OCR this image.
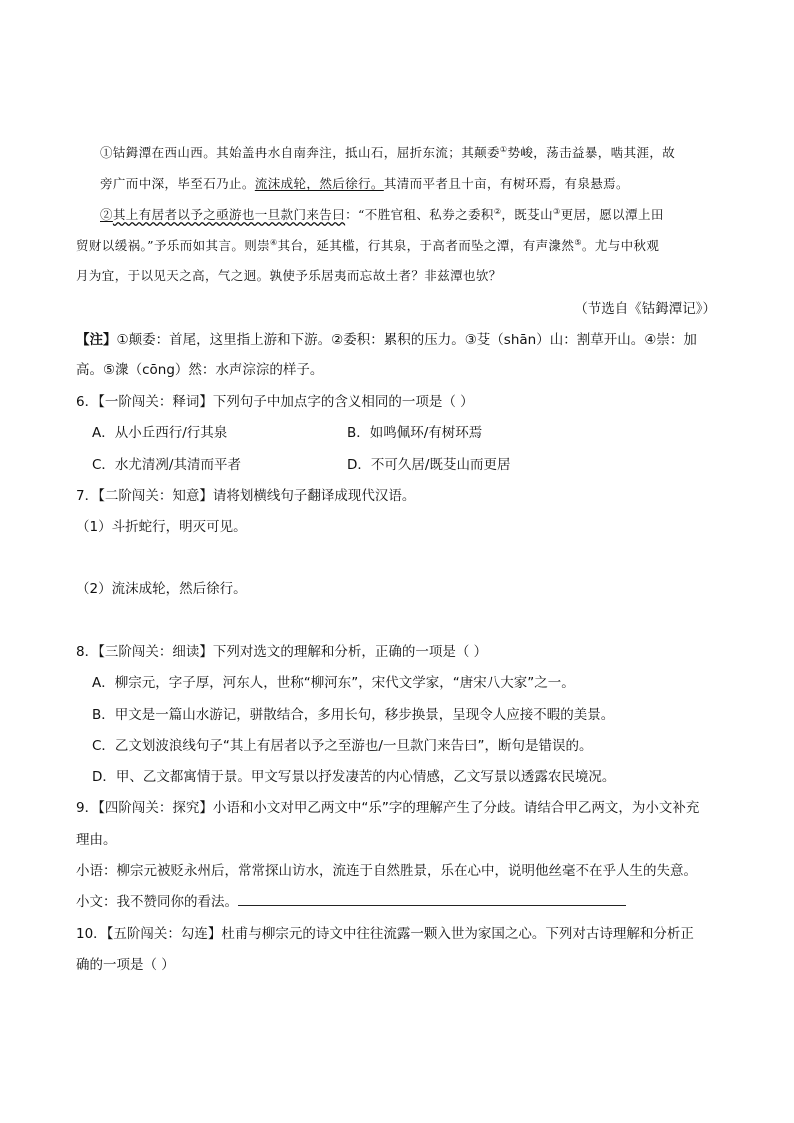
①钴鉧潭在西山西。其始盖冉水自南奔注，抵山石，屈折东流；其颠委①势峻，荡击益暴，啮其涯，故
旁广而中深，毕至石乃止。流沫成轮，然后徐行。其清而平者且十亩，有树环焉，有泉悬焉。
②其上有居者以予之亟游也一旦款门来告曰：“不胜官租、私券之委积②，既芟山③更居，愿以潭上田
贸财以缓祸。”予乐而如其言。则崇④其台，延其槛，行其泉，于高者而坠之潭，有声潨然⑤。尤与中秋观
月为宜，于以见天之高，气之迥。孰使予乐居夷而忘故土者？非兹潭也欤？
（节选自《钴鉧潭记》）
【注】①颠委：首尾，这里指上游和下游。②委积：累积的压力。③芟（shān）山：割草开山。④崇：加
高。⑤潨（cōng）然：水声淙淙的样子。
6．【一阶闯关：释词】下列句子中加点字的含义相同的一项是（ ）
A．从小丘西行/行其泉	B．如鸣佩环/有树环焉
C．水尤清冽/其清而平者	D．不可久居/既芟山而更居
7．【二阶闯关：知意】请将划横线句子翻译成现代汉语。
（1）斗折蛇行，明灭可见。
（2）流沫成轮，然后徐行。
8．【三阶闯关：细读】下列对选文的理解和分析，正确的一项是（ ）
A．柳宗元，字子厚，河东人，世称“柳河东”，宋代文学家，“唐宋八大家”之一。
B．甲文是一篇山水游记，骈散结合，多用长句，移步换景，呈现令人应接不暇的美景。
C．乙文划波浪线句子“其上有居者以予之至游也/一旦款门来告曰”，断句是错误的。
D．甲、乙文都寓情于景。甲文写景以抒发凄苦的内心情感，乙文写景以透露农民境况。
9．【四阶闯关：探究】小语和小文对甲乙两文中“乐”字的理解产生了分歧。请结合甲乙两文，为小文补充
理由。
小语：柳宗元被贬永州后，常常探山访水，流连于自然胜景，乐在心中，说明他丝毫不在乎人生的失意。
小文：我不赞同你的看法。
10．【五阶闯关：勾连】杜甫与柳宗元的诗文中往往流露一颗入世为家国之心。下列对古诗理解和分析正
确的一项是（ ）
